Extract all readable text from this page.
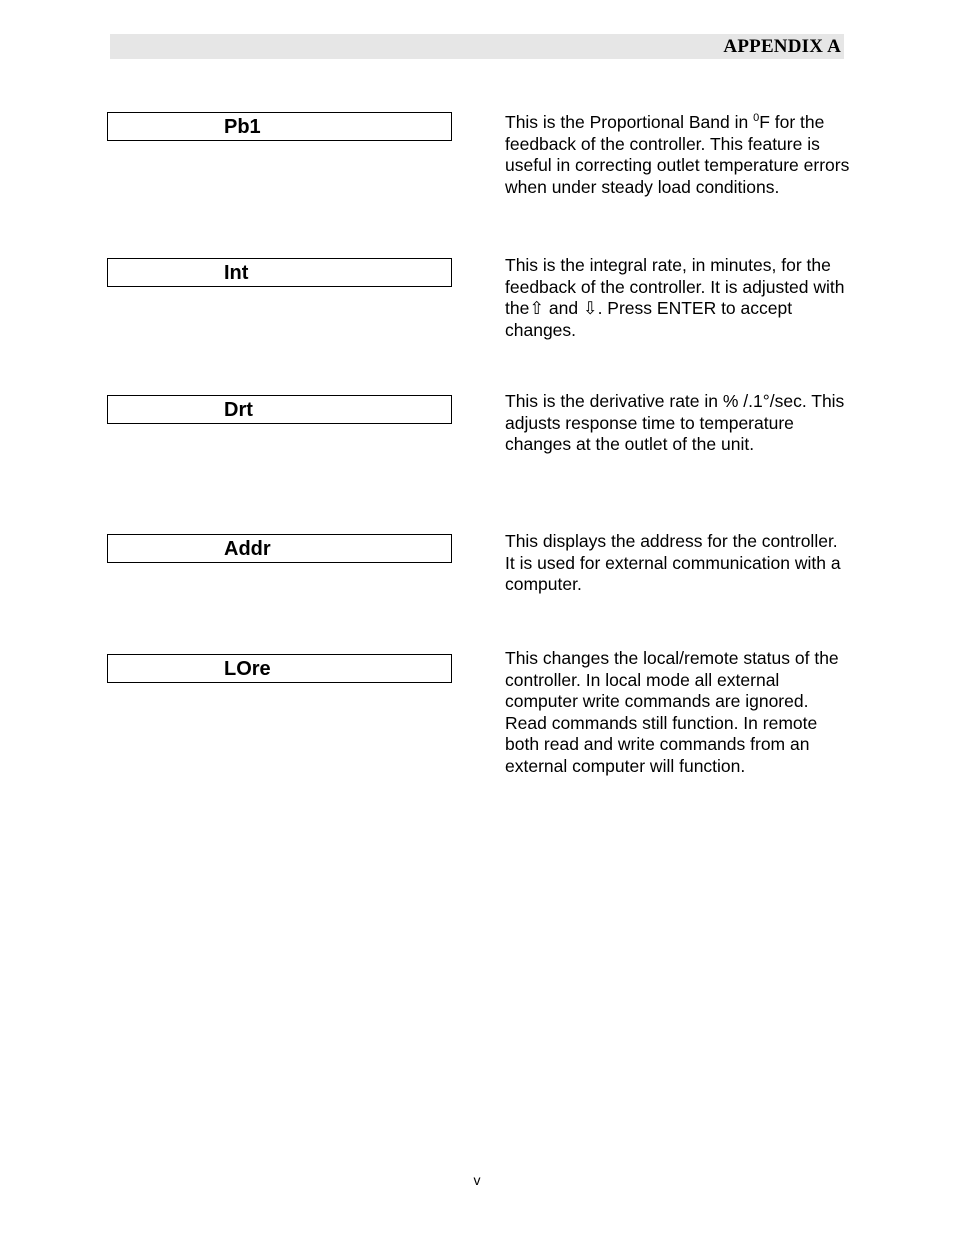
APPENDIX A
Pb1	This is the Proportional Band in $^0$F for the feedback of the controller. This feature is useful in correcting outlet temperature errors when under steady load conditions.

Int	This is the integral rate, in minutes, for the feedback of the controller. It is adjusted with the⇧ and ⇩. Press ENTER to accept changes.

Drt	This is the derivative rate in % /.1°/sec. This adjusts response time to temperature changes at the outlet of the unit.

Addr	This displays the address for the controller. It is used for external communication with a computer.

LOre	This changes the local/remote status of the controller. In local mode all external computer write commands are ignored. Read commands still function. In remote both read and write commands from an external computer will function.

v
